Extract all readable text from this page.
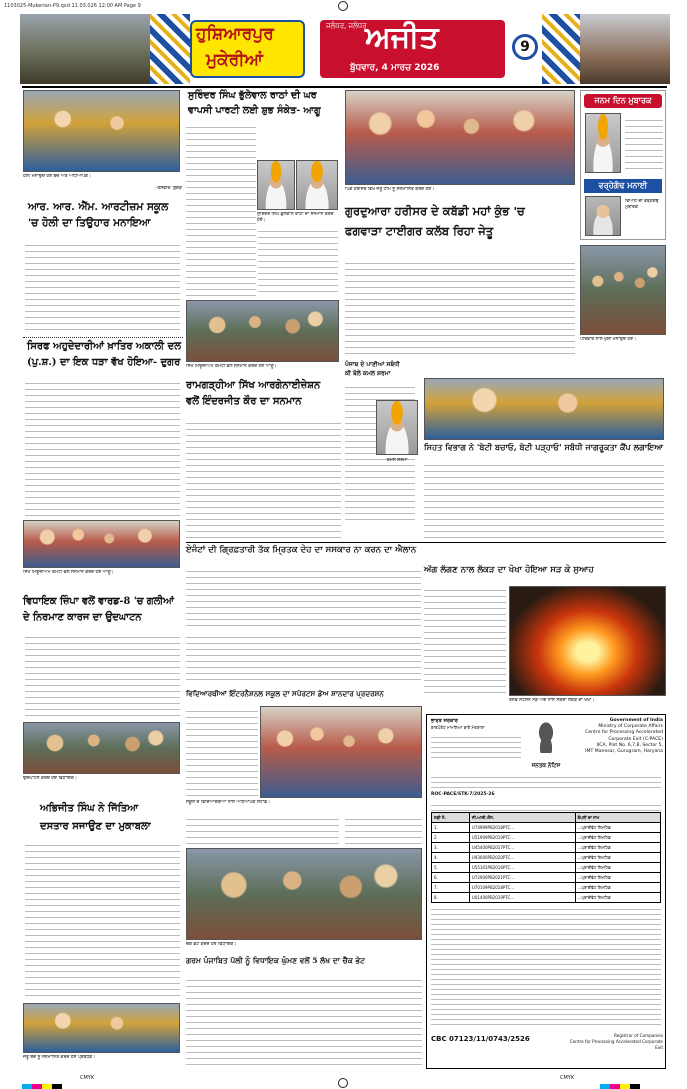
1103025-Mukerian-P9.qxd 11.03.026 12:00 AM Page 9
ਹੁਸ਼ਿਆਰਪੁਰ
ਮੁਕੇਰੀਆਂ
ਜਲੰਧਰ, ਜਲੰਧਰ
ਅਜੀਤ
ਬੁੱਧਵਾਰ, 4 ਮਾਰਚ 2026
9
ਹੋਲੀ ਮਨਾਉਂਦੇ ਹੋਏ ਬੱਚੇ ਅਤੇ ਅਧਿਆਪਕ।
-ਤਸਵੀਰ: ਬੁੱਗੜ
ਆਰ. ਆਰ. ਐੱਮ. ਆਰਟੀਜ਼ਮ ਸਕੂਲ
'ਚ ਹੋਲੀ ਦਾ ਤਿਉਹਾਰ ਮਨਾਇਆ
ਸਿਰਫ ਅਹੁਦੇਦਾਰੀਆਂ ਖ਼ਾਤਿਰ ਅਕਾਲੀ ਦਲ
(ਪੁ.ਸ਼.) ਦਾ ਇਕ ਧੜਾ ਵੱਖ ਹੋਇਆ- ਦੁਗਰ
ਸਿੱਖ ਮਿਊਜ਼ੀਅਮ ਕਮੇਟੀ ਵਲੋਂ ਸਨਮਾਨ ਕਰਦੇ ਹੋਏ ਆਗੂ।
ਸੁਰਿੰਦਰ ਸਿੰਘ ਭੁੱਲੇਵਾਲ ਰਾਠਾਂ ਦੀ ਘਰ
ਵਾਪਸੀ ਪਾਰਟੀ ਲਈ ਸ਼ੁਭ ਸੰਕੇਤ- ਆਗੂ
ਸੁਰਿੰਦਰ ਸਿੰਘ ਭੁੱਲੇਵਾਲ ਰਾਠਾਂ ਦਾ ਸਨਮਾਨ ਕਰਦੇ ਹੋਏ।
ਸਿੱਖ ਮਿਊਜ਼ੀਅਮ ਕਮੇਟੀ ਵਲੋਂ ਸਨਮਾਨ ਕਰਦੇ ਹੋਏ ਆਗੂ।
ਰਾਮਗੜ੍ਹੀਆ ਸਿੱਖ ਆਰਗੇਨਾਈਜ਼ੇਸ਼ਨ
ਵਲੋਂ ਇੰਦਰਜੀਤ ਕੌਰ ਦਾ ਸਨਮਾਨ
ਪਿੰਡ ਹਰੀਸਰ ਵਿਖੇ ਜੇਤੂ ਟੀਮ ਨੂੰ ਸਨਮਾਨਿਤ ਕਰਦੇ ਹੋਏ।
ਗੁਰਦੁਆਰਾ ਹਰੀਸਰ ਦੇ ਕਬੱਡੀ ਮਹਾਂ ਕੁੰਭ 'ਚ
ਫਗਵਾੜਾ ਟਾਈਗਰ ਕਲੱਬ ਰਿਹਾ ਜੇਤੂ
ਪੰਜਾਬ ਦੇ ਪਾਣੀਆਂ ਸਬੰਧੀ
ਕੀ ਬੋਲੇ ਕਮਲ ਸ਼ਰਮਾ
ਕਮਲ ਸ਼ਰਮਾ
ਸਿਹਤ ਵਿਭਾਗ ਨੇ 'ਬੇਟੀ ਬਚਾਓ, ਬੇਟੀ ਪੜ੍ਹਾਓ' ਸਬੰਧੀ ਜਾਗਰੂਕਤਾ ਕੈਂਪ ਲਗਾਇਆ
ਜਨਮ ਦਿਨ ਮੁਬਾਰਕ
ਵਰ੍ਹੇਗੰਢ ਮਨਾਈ
ਵਿਆਹ ਦੀ ਵਰ੍ਹੇਗੰਢ ਮੁਬਾਰਕ
ਪਰਿਵਾਰ ਨਾਲ ਖੁਸ਼ੀ ਮਨਾਉਂਦੇ ਹੋਏ।
ਏਜੰਟਾਂ ਦੀ ਗ੍ਰਿਫ਼ਤਾਰੀ ਤੱਕ ਮ੍ਰਿਤਕ ਦੇਹ ਦਾ ਸਸਕਾਰ ਨਾ ਕਰਨ ਦਾ ਐਲਾਨ
ਅੱਗ ਲੱਗਣ ਨਾਲ ਲੱਕੜ ਦਾ ਖੋਖਾ ਹੋਇਆ ਸੜ ਕੇ ਸੁਆਹ
ਰੇਲਵੇ ਸਟੇਸ਼ਨ ਨੇੜੇ ਅੱਗ ਨਾਲ ਸੜਦਾ ਲੱਕੜ ਦਾ ਖੋਖਾ।
ਵਿਧਾਇਕ ਜ਼ਿੰਪਾ ਵਲੋਂ ਵਾਰਡ-8 'ਚ ਗਲੀਆਂ
ਦੇ ਨਿਰਮਾਣ ਕਾਰਜ ਦਾ ਉਦਘਾਟਨ
ਉਦਘਾਟਨ ਕਰਦੇ ਹੋਏ ਵਿਧਾਇਕ।
ਅਭਿਜੀਤ ਸਿੰਘ ਨੇ ਜਿੱਤਿਆ
ਦਸਤਾਰ ਸਜਾਉਣ ਦਾ ਮੁਕਾਬਲਾ
ਜੇਤੂ ਬੱਚੇ ਨੂੰ ਸਨਮਾਨਿਤ ਕਰਦੇ ਹੋਏ ਪ੍ਰਬੰਧਕ।
ਵਿਦਿਆਰਥੀਆਂ ਇੰਟਰਨੈਸ਼ਨਲ ਸਕੂਲ ਦਾ ਸਪੋਰਟਸ ਡੇਅ ਸ਼ਾਨਦਾਰ ਪ੍ਰਦਰਸ਼ਨ
ਸਕੂਲ ਦੇ ਵਿਦਿਆਰਥੀਆਂ ਨਾਲ ਅਧਿਆਪਕ ਸਟਾਫ਼।
ਚੈੱਕ ਭੇਟ ਕਰਦੇ ਹੋਏ ਵਿਧਾਇਕ।
ਗਰਮ ਪੰਜਾਬਿਤ ਪੱਲੀ ਨੂੰ ਵਿਧਾਇਕ ਘੁੰਮਣ ਵਲੋਂ 5 ਲੱਖ ਦਾ ਚੈੱਕ ਭੇਟ
ਭਾਰਤ ਸਰਕਾਰ
ਕਾਰਪੋਰੇਟ ਮਾਮਲਿਆਂ ਬਾਰੇ ਮੰਤਰਾਲਾ
Government of India
Ministry of Corporate Affairs
Centre for Processing Accelerated
Corporate Exit (C-PACE)
IICA, Plot No. 6,7,8, Sector 5,
IMT Manesar, Gurugram, Haryana
ਜਨਤਕ ਨੋਟਿਸ
ROC-PACE/STK-7/2025-26
ਲੜੀ ਨੰ.	ਸੀ.ਆਈ.ਐੱਨ.	ਕੰਪਨੀ ਦਾ ਨਾਮ
1.	U74999PB2018PTC...	...ਪ੍ਰਾਈਵੇਟ ਲਿਮਟਿਡ
2.	U51909PB2019PTC...	...ਪ੍ਰਾਈਵੇਟ ਲਿਮਟਿਡ
3.	U45400PB2017PTC...	...ਪ੍ਰਾਈਵੇਟ ਲਿਮਟਿਡ
4.	U93000PB2020PTC...	...ਪ੍ਰਾਈਵੇਟ ਲਿਮਟਿਡ
5.	U55101PB2016PTC...	...ਪ੍ਰਾਈਵੇਟ ਲਿਮਟਿਡ
6.	U72900PB2021PTC...	...ਪ੍ਰਾਈਵੇਟ ਲਿਮਟਿਡ
7.	U70109PB2018PTC...	...ਪ੍ਰਾਈਵੇਟ ਲਿਮਟਿਡ
8.	U01400PB2019PTC...	...ਪ੍ਰਾਈਵੇਟ ਲਿਮਟਿਡ
CBC 07123/11/0743/2526	Registrar of Companies
Centre for Processing Accelerated Corporate Exit
CMYK	CMYK
